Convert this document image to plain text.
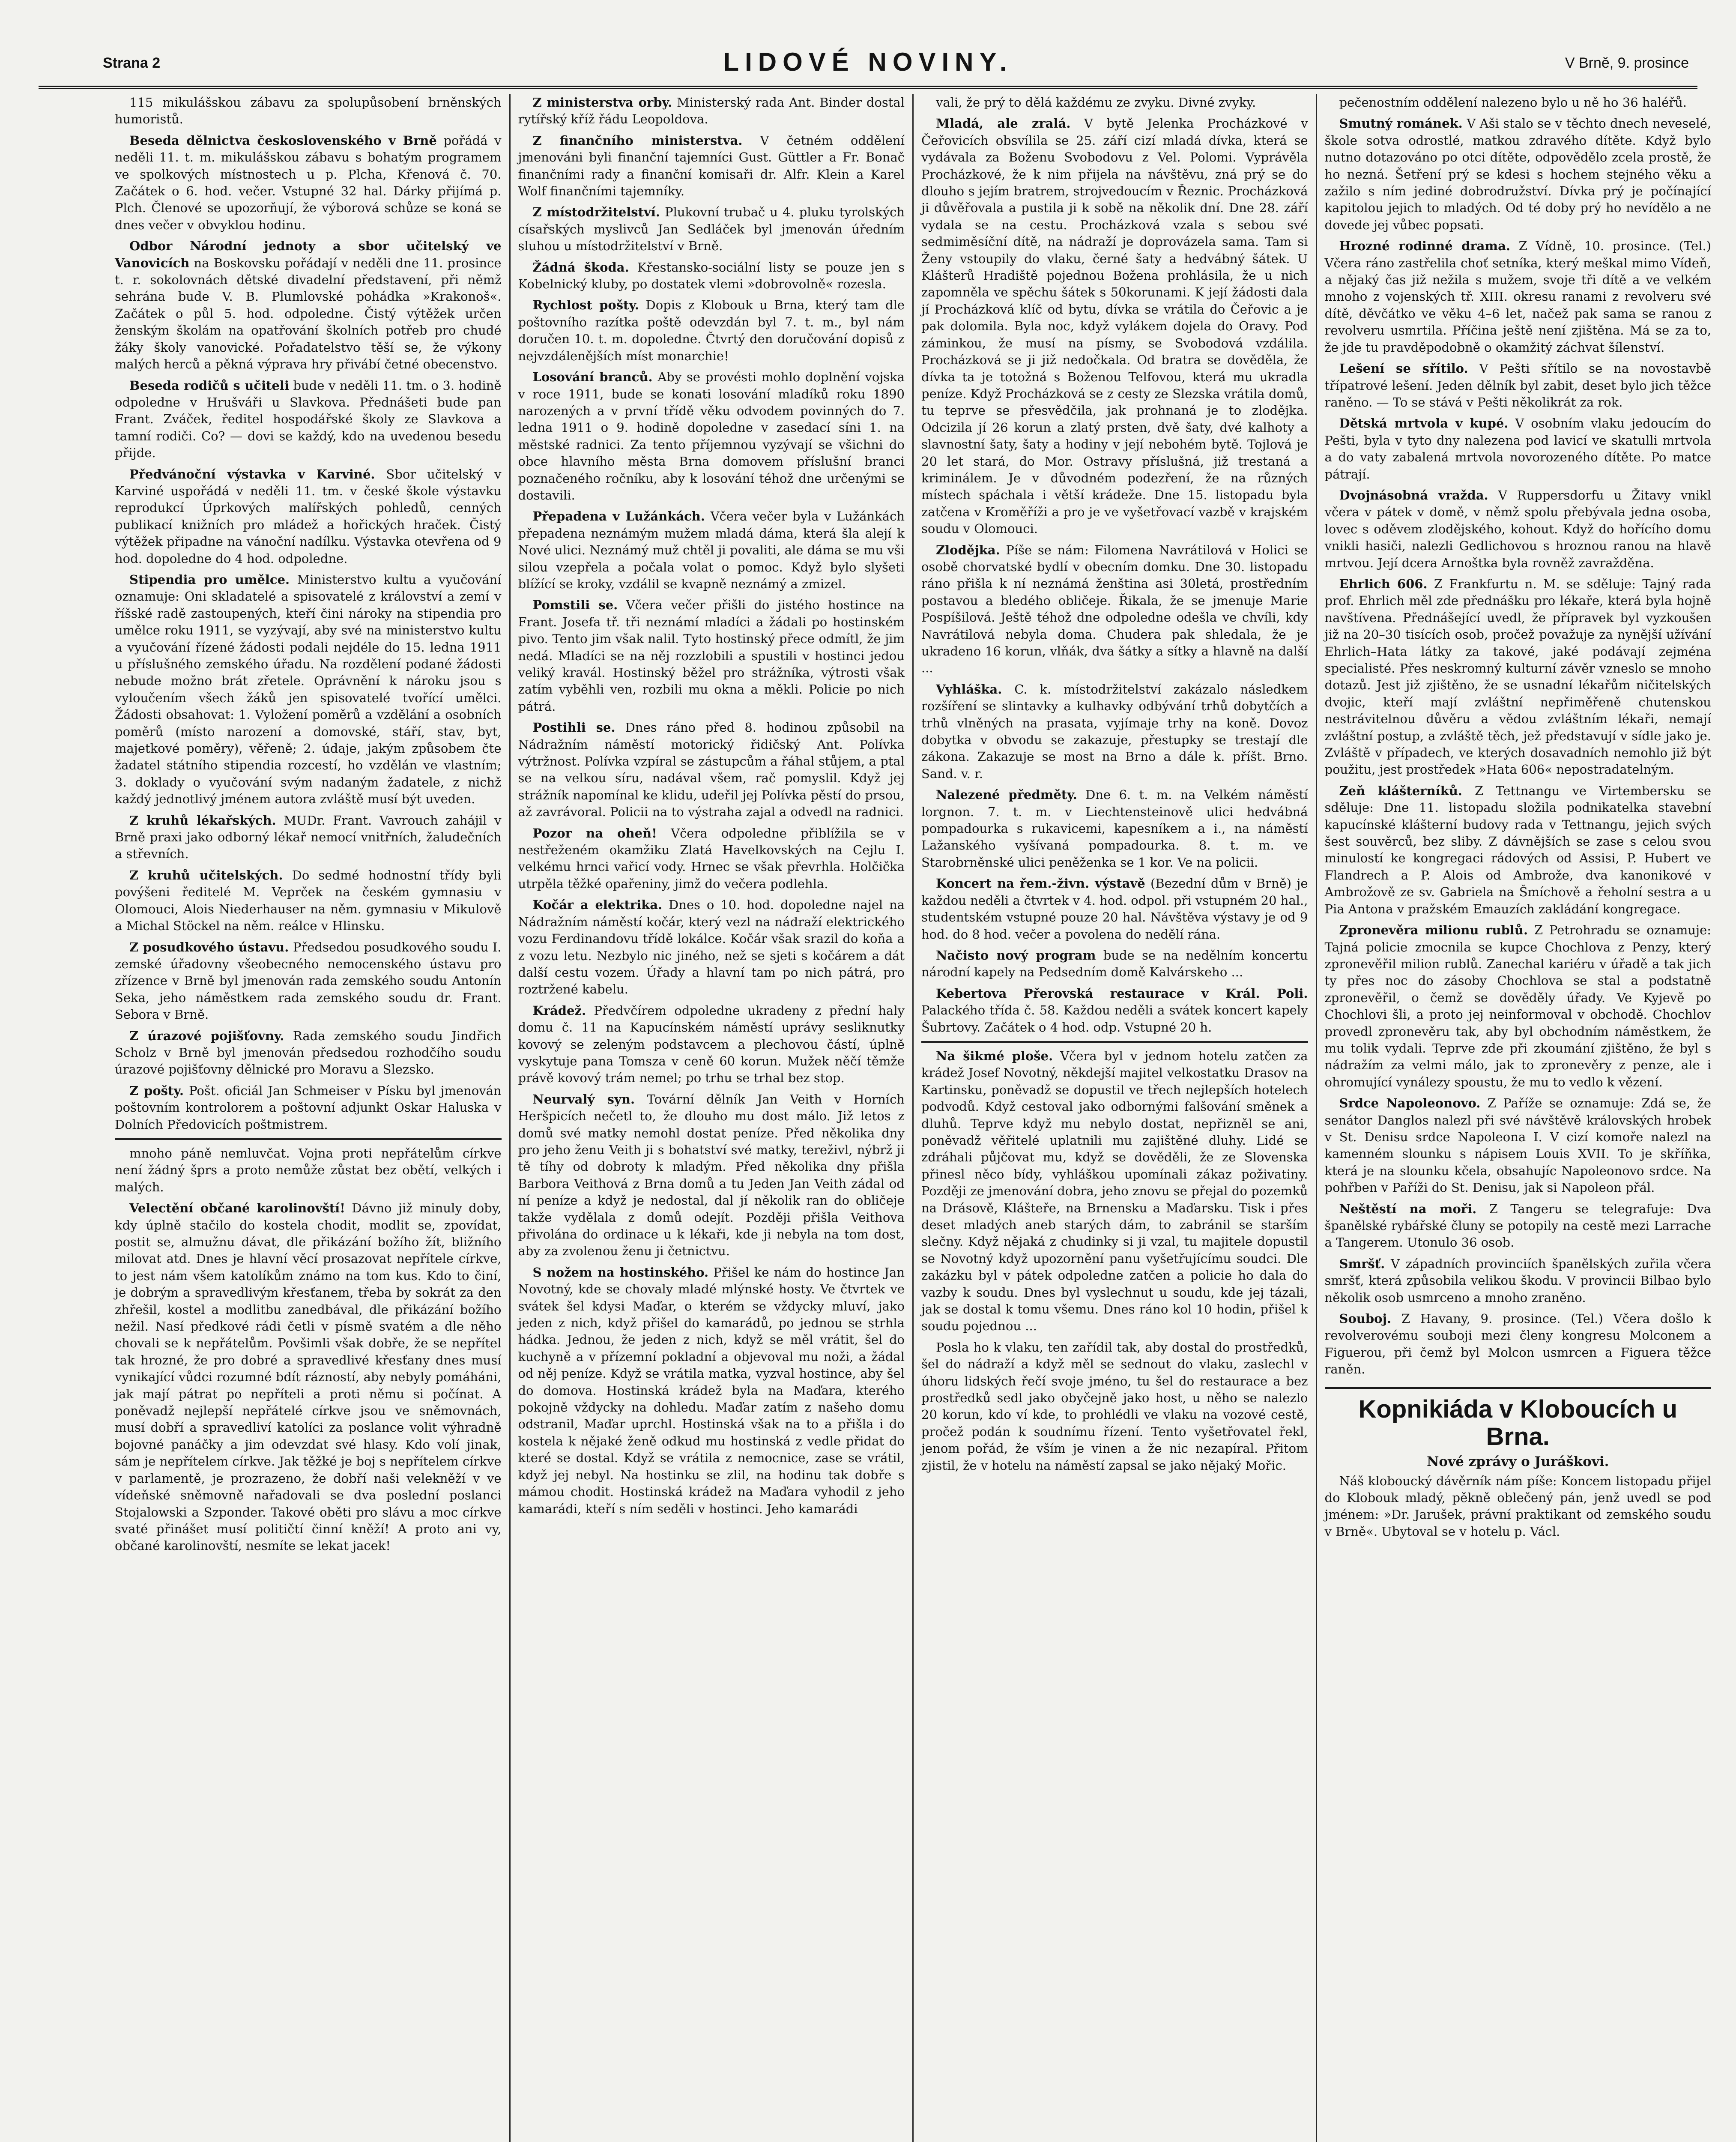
Strana 2	LIDOVÉ NOVINY.	V Brně, 9. prosince

115 mikulášskou zábavu za spolupůsobení brněnských humoristů.

Beseda dělnictva československého v Brně pořádá v neděli 11. t. m. mikulášskou zábavu s bohatým programem ve spolkových místnostech u p. Plcha, Křenová č. 70. Začátek o 6. hod. večer. Vstupné 32 hal. Dárky přijímá p. Plch. Členové se upozorňují, že výborová schůze se koná se dnes večer v obvyklou hodinu.

Odbor Národní jednoty a sbor učitelský ve Vanovicích na Boskovsku pořádají v neděli dne 11. prosince t. r. sokolovnách dětské divadelní představení, při němž sehrána bude V. B. Plumlovské pohádka »Krakonoš«. Začátek o půl 5. hod. odpoledne. Čistý výtěžek určen ženským školám na opatřování školních potřeb pro chudé žáky školy vanovické. Pořadatelstvo těší se, že výkony malých herců a pěkná výprava hry přivábí četné obecenstvo.

Beseda rodičů s učiteli bude v neděli 11. tm. o 3. hodině odpoledne v Hrušváři u Slavkova. Přednášeti bude pan Frant. Zváček, ředitel hospodářské školy ze Slavkova a tamní rodiči. Co? — dovi se každý, kdo na uvedenou besedu přijde.

Předvánoční výstavka v Karviné. Sbor učitelský v Karviné uspořádá v neděli 11. tm. v české škole výstavku reprodukcí Úprkových malířských pohledů, cenných publikací knižních pro mládež a hořických hraček. Čistý výtěžek připadne na vánoční nadílku. Výstavka otevřena od 9 hod. dopoledne do 4 hod. odpoledne.

Stipendia pro umělce. Ministerstvo kultu a vyučování oznamuje: Oni skladatelé a spisovatelé z království a zemí v říšské radě zastoupených, kteří čini nároky na stipendia pro umělce roku 1911, se vyzývají, aby své na ministerstvo kultu a vyučování řízené žádosti podali nejdéle do 15. ledna 1911 u příslušného zemského úřadu. Na rozdělení podané žádosti nebude možno brát zřetele. Oprávnění k nároku jsou s vyloučením všech žáků jen spisovatelé tvořící umělci. Žádosti obsahovat: 1. Vyložení poměrů a vzdělání a osobních poměrů (místo narození a domovské, stáří, stav, byt, majetkové poměry), věřeně; 2. údaje, jakým způsobem čte žadatel státního stipendia rozcestí, ho vzdělán ve vlastním; 3. doklady o vyučování svým nadaným žadatele, z nichž každý jednotlivý jménem autora zvláště musí být uveden.

Z kruhů lékařských. MUDr. Frant. Vavrouch zahájil v Brně praxi jako odborný lékař nemocí vnitřních, žaludečních a střevních.

Z kruhů učitelských. Do sedmé hodnostní třídy byli povýšeni ředitelé M. Veprček na českém gymnasiu v Olomouci, Alois Niederhauser na něm. gymnasiu v Mikulově a Michal Stöckel na něm. reálce v Hlinsku.

Z posudkového ústavu. Předsedou posudkového soudu I. zemské úřadovny všeobecného nemocenského ústavu pro zřízence v Brně byl jmenován rada zemského soudu Antonín Seka, jeho náměstkem rada zemského soudu dr. Frant. Sebora v Brně.

Z úrazové pojišťovny. Rada zemského soudu Jindřich Scholz v Brně byl jmenován předsedou rozhodčího soudu úrazové pojišťovny dělnické pro Moravu a Slezsko.

Z pošty. Pošt. oficiál Jan Schmeiser v Písku byl jmenován poštovním kontrolorem a poštovní adjunkt Oskar Haluska v Dolních Předovicích poštmistrem.

mnoho páně nemluvčat. Vojna proti nepřátelům církve není žádný šprs a proto nemůže zůstat bez obětí, velkých i malých.

Velectění občané karolinovští! Dávno již minuly doby, kdy úplně stačilo do kostela chodit, modlit se, zpovídat, postit se, almužnu dávat, dle přikázání božího žít, bližního milovat atd. Dnes je hlavní věcí prosazovat nepřítele církve, to jest nám všem katolíkům známo na tom kus. Kdo to činí, je dobrým a spravedlivým křesťanem, třeba by sokrát za den zhřešil, kostel a modlitbu zanedbával, dle přikázání božího nežil. Nasí předkové rádi četli v písmě svatém a dle něho chovali se k nepřátelům. Povšimli však dobře, že se nepřítel tak hrozné, že pro dobré a spravedlivé křesťany dnes musí vynikající vůdci rozumné bdít rázností, aby nebyly pomáháni, jak mají pátrat po nepříteli a proti němu si počínat. A poněvadž nejlepší nepřátelé církve jsou ve sněmovnách, musí dobří a spravedliví katolíci za poslance volit výhradně bojovné panáčky a jim odevzdat své hlasy. Kdo volí jinak, sám je nepřítelem církve. Jak těžké je boj s nepřítelem církve v parlamentě, je prozrazeno, že dobří naši velekněží v ve vídeňské sněmovně nařadovali se dva poslední poslanci Stojalowski a Szponder. Takové oběti pro slávu a moc církve svaté přinášet musí političtí činní kněží! A proto ani vy, občané karolinovští, nesmíte se lekat jacek!

Z ministerstva orby. Ministerský rada Ant. Binder dostal rytířský kříž řádu Leopoldova.

Z finančního ministerstva. V četném oddělení jmenováni byli finanční tajemníci Gust. Güttler a Fr. Bonač finančními rady a finanční komisaři dr. Alfr. Klein a Karel Wolf finančními tajemníky.

Z místodržitelství. Plukovní trubač u 4. pluku tyrolských císařských myslivců Jan Sedláček byl jmenován úředním sluhou u místodržitelství v Brně.

Žádná škoda. Křestansko-sociální listy se pouze jen s Kobelnický kluby, po dostatek vlemi »dobrovolně« rozesla.

Rychlost pošty. Dopis z Klobouk u Brna, který tam dle poštovního razítka poště odevzdán byl 7. t. m., byl nám doručen 10. t. m. dopoledne. Čtvrtý den doručování dopisů z nejvzdálenějších míst monarchie!

Losování branců. Aby se provésti mohlo doplnění vojska v roce 1911, bude se konati losování mladíků roku 1890 narozených a v první třídě věku odvodem povinných do 7. ledna 1911 o 9. hodině dopoledne v zasedací síni 1. na městské radnici. Za tento příjemnou vyzývají se všichni do obce hlavního města Brna domovem příslušní branci poznačeného ročníku, aby k losování téhož dne určenými se dostavili.

Přepadena v Lužánkách. Včera večer byla v Lužánkách přepadena neznámým mužem mladá dáma, která šla alejí k Nové ulici. Neznámý muž chtěl ji povaliti, ale dáma se mu vši silou vzepřela a počala volat o pomoc. Když bylo slyšeti blížící se kroky, vzdálil se kvapně neznámý a zmizel.

Pomstili se. Včera večer přišli do jistého hostince na Frant. Josefa tř. tři neznámí mladíci a žádali po hostinském pivo. Tento jim však nalil. Tyto hostinský přece odmítl, že jim nedá. Mladíci se na něj rozzlobili a spustili v hostinci jedou veliký kravál. Hostinský běžel pro strážníka, výtrosti však zatím vyběhli ven, rozbili mu okna a měkli. Policie po nich pátrá.

Postihli se. Dnes ráno před 8. hodinou způsobil na Nádražním náměstí motorický řidičský Ant. Polívka výtržnost. Polívka vzpíral se zástupcům a řáhal stůjem, a ptal se na velkou síru, nadával všem, rač pomyslil. Když jej strážník napomínal ke klidu, udeřil jej Polívka pěstí do prsou, až zavrávoral. Policii na to výstraha zajal a odvedl na radnici.

Pozor na oheň! Včera odpoledne přiblížila se v nestřeženém okamžiku Zlatá Havelkovských na Cejlu I. velkému hrnci vařicí vody. Hrnec se však převrhla. Holčička utrpěla těžké opařeniny, jimž do večera podlehla.

Kočár a elektrika. Dnes o 10. hod. dopoledne najel na Nádražním náměstí kočár, který vezl na nádraží elektrického vozu Ferdinandovu třídě lokálce. Kočár však srazil do koňa a z vozu letu. Nezbylo nic jiného, než se sjeti s kočárem a dát další cestu vozem. Úřady a hlavní tam po nich pátrá, pro roztržené kabelu.

Krádež. Předvčírem odpoledne ukradeny z přední haly domu č. 11 na Kapucínském náměstí uprávy sesliknutky kovový se zeleným podstavcem a plechovou částí, úplně vyskytuje pana Tomsza v ceně 60 korun. Mužek něčí těmže právě kovový trám nemel; po trhu se trhal bez stop.

Neurvalý syn. Tovární dělník Jan Veith v Horních Heršpicích nečetl to, že dlouho mu dost málo. Již letos z domů své matky nemohl dostat peníze. Před několika dny pro jeho ženu Veith ji s bohatství své matky, tereživl, nýbrž ji tě tíhy od dobroty k mladým. Před několika dny přišla Barbora Veithová z Brna domů a tu Jeden Jan Veith zádal od ní peníze a když je nedostal, dal jí několik ran do obličeje takže vydělala z domů odejít. Později přišla Veithova přivolána do ordinace u k lékaři, kde ji nebyla na tom dost, aby za zvolenou ženu ji četnictvu.

S nožem na hostinského. Přišel ke nám do hostince Jan Novotný, kde se chovaly mladé mlýnské hosty. Ve čtvrtek ve svátek šel kdysi Maďar, o kterém se vždycky mluví, jako jeden z nich, když přišel do kamarádů, po jednou se strhla hádka. Jednou, že jeden z nich, když se měl vrátit, šel do kuchyně a v přízemní pokladní a objevoval mu noži, a žádal od něj peníze. Když se vrátila matka, vyzval hostince, aby šel do domova. Hostinská krádež byla na Maďara, kterého pokojně vždycky na dohledu. Maďar zatím z našeho domu odstranil, Maďar uprchl. Hostinská však na to a přišla i do kostela k nějaké ženě odkud mu hostinská z vedle přidat do které se dostal. Když se vrátila z nemocnice, zase se vrátil, když jej nebyl. Na hostinku se zlil, na hodinu tak dobře s mámou chodit. Hostinská krádež na Maďara vyhodil z jeho kamarádi, kteří s ním seděli v hostinci. Jeho kamarádi

vali, že prý to dělá každému ze zvyku. Divné zvyky.

Mladá, ale zralá. V bytě Jelenka Procházkové v Čeřovicích obsvílila se 25. září cizí mladá dívka, která se vydávala za Boženu Svobodovu z Vel. Polomi. Vyprávěla Procházkové, že k nim přijela na návštěvu, zná prý se do dlouho s jejím bratrem, strojvedoucím v Řeznic. Procházková ji důvěřovala a pustila ji k sobě na několik dní. Dne 28. září vydala se na cestu. Procházková vzala s sebou své sedmiměsíční dítě, na nádraží je doprovázela sama. Tam si Ženy vstoupily do vlaku, černé šaty a hedvábný šátek. U Klášterů Hradiště pojednou Božena prohlásila, že u nich zapomněla ve spěchu šátek s 50korunami. K její žádosti dala jí Procházková klíč od bytu, dívka se vrátila do Čeřovic a je pak dolomila. Byla noc, když vylákem dojela do Oravy. Pod záminkou, že musí na písmy, se Svobodová vzdálila. Procházková se ji již nedočkala. Od bratra se dověděla, že dívka ta je totožná s Boženou Telfovou, která mu ukradla peníze. Když Procházková se z cesty ze Slezska vrátila domů, tu teprve se přesvědčila, jak prohnaná je to zlodějka. Odcizila jí 26 korun a zlatý prsten, dvě šaty, dvé kalhoty a slavnostní šaty, šaty a hodiny v její nebohém bytě. Tojlová je 20 let stará, do Mor. Ostravy příslušná, již trestaná a kriminálem. Je v důvodném podezření, že na různých místech spáchala i větší krádeže. Dne 15. listopadu byla zatčena v Kroměříži a pro je ve vyšetřovací vazbě v krajském soudu v Olomouci.

Zlodějka. Píše se nám: Filomena Navrátilová v Holici se osobě chorvatské bydlí v obecním domku. Dne 30. listopadu ráno přišla k ní neznámá ženština asi 30letá, prostředním postavou a bledého obličeje. Řikala, že se jmenuje Marie Pospíšilová. Ještě téhož dne odpoledne odešla ve chvíli, kdy Navrátilová nebyla doma. Chudera pak shledala, že je ukradeno 16 korun, vlňák, dva šátky a sítky a hlavně na další ...

Vyhláška. C. k. místodržitelství zakázalo následkem rozšíření se slintavky a kulhavky odbývání trhů dobytčích a trhů vlněných na prasata, vyjímaje trhy na koně. Dovoz dobytka v obvodu se zakazuje, přestupky se trestají dle zákona. Zakazuje se most na Brno a dále k. příšt. Brno. Sand. v. r.

Nalezené předměty. Dne 6. t. m. na Velkém náměstí lorgnon. 7. t. m. v Liechtensteinově ulici hedvábná pompadourka s rukavicemi, kapesníkem a i., na náměstí Lažanského vyšívaná pompadourka. 8. t. m. ve Starobrněnské ulici peněženka se 1 kor. Ve na policii.

Koncert na řem.-živn. výstavě (Bezední dům v Brně) je každou neděli a čtvrtek v 4. hod. odpol. při vstupném 20 hal., studentském vstupné pouze 20 hal. Návštěva výstavy je od 9 hod. do 8 hod. večer a povolena do nedělí rána.

Načisto nový program bude se na nedělním koncertu národní kapely na Pedsedním domě Kalvárskeho ...

Kebertova Přerovská restaurace v Král. Poli. Palackého třída č. 58. Každou neděli a svátek koncert kapely Šubrtovy. Začátek o 4 hod. odp. Vstupné 20 h.

Na šikmé ploše. Včera byl v jednom hotelu zatčen za krádež Josef Novotný, někdejší majitel velkostatku Drasov na Kartinsku, poněvadž se dopustil ve třech nejlepších hotelech podvodů. Když cestoval jako odbornými falšování směnek a dluhů. Teprve když mu nebylo dostat, nepřizněl se ani, poněvadž věřitelé uplatnili mu zajištěné dluhy. Lidé se zdráhali půjčovat mu, když se dověděli, že ze Slovenska přinesl něco bídy, vyhláškou upomínali zákaz poživatiny. Později ze jmenování dobra, jeho znovu se přejal do pozemků na Drásově, Klášteře, na Brnensku a Maďarsku. Tisk i přes deset mladých aneb starých dám, to zabránil se starším slečny. Když nějaká z chudinky si ji vzal, tu majitele dopustil se Novotný když upozornění panu vyšetřujícímu soudci. Dle zakázku byl v pátek odpoledne zatčen a policie ho dala do vazby k soudu. Dnes byl vyslechnut u soudu, kde jej tázali, jak se dostal k tomu všemu. Dnes ráno kol 10 hodin, přišel k soudu pojednou ...

Posla ho k vlaku, ten zařídil tak, aby dostal do prostředků, šel do nádraží a když měl se sednout do vlaku, zaslechl v úhoru lidských řečí svoje jméno, tu šel do restaurace a bez prostředků sedl jako obyčejně jako host, u něho se nalezlo 20 korun, kdo ví kde, to prohlédli ve vlaku na vozové cestě, pročež podán k soudnímu řízení. Tento vyšetřovatel řekl, jenom pořád, že vším je vinen a že nic nezapíral. Přitom zjistil, že v hotelu na náměstí zapsal se jako nějaký Mořic.

pečenostním oddělení nalezeno bylo u ně ho 36 haléřů.

Smutný románek. V Aši stalo se v těchto dnech neveselé, škole sotva odrostlé, matkou zdravého dítěte. Když bylo nutno dotazováno po otci dítěte, odpovědělo zcela prostě, že ho nezná. Šetření prý se kdesi s hochem stejného věku a zažilo s ním jediné dobrodružství. Dívka prý je počínající kapitolou jejich to mladých. Od té doby prý ho nevídělo a ne dovede jej vůbec popsati.

Hrozné rodinné drama. Z Vídně, 10. prosince. (Tel.) Včera ráno zastřelila choť setníka, který meškal mimo Vídeň, a nějaký čas již nežila s mužem, svoje tři dítě a ve velkém mnoho z vojenských tř. XIII. okresu ranami z revolveru své dítě, děvčátko ve věku 4–6 let, načež pak sama se ranou z revolveru usmrtila. Příčina ještě není zjištěna. Má se za to, že jde tu pravděpodobně o okamžitý záchvat šílenství.

Lešení se sřítilo. V Pešti sřítilo se na novostavbě třípatrové lešení. Jeden dělník byl zabit, deset bylo jich těžce raněno. — To se stává v Pešti několikrát za rok.

Dětská mrtvola v kupé. V osobním vlaku jedoucím do Pešti, byla v tyto dny nalezena pod lavicí ve skatulli mrtvola a do vaty zabalená mrtvola novorozeného dítěte. Po matce pátrají.

Dvojnásobná vražda. V Ruppersdorfu u Žitavy vnikl včera v pátek v domě, v němž spolu přebývala jedna osoba, lovec s oděvem zlodějského, kohout. Když do hořícího domu vnikli hasiči, nalezli Gedlichovou s hroznou ranou na hlavě mrtvou. Její dcera Arnoštka byla rovněž zavražděna.

Ehrlich 606. Z Frankfurtu n. M. se sděluje: Tajný rada prof. Ehrlich měl zde přednášku pro lékaře, která byla hojně navštívena. Přednášející uvedl, že přípravek byl vyzkoušen již na 20–30 tisících osob, pročež považuje za nynější užívání Ehrlich–Hata látky za takové, jaké podávají zejména specialisté. Přes neskromný kulturní závěr vzneslo se mnoho dotazů. Jest již zjištěno, že se usnadní lékařům ničitelských dvojic, kteří mají zvláštní nepřiměřeně chutenskou nestrávitelnou důvěru a vědou zvláštním lékaři, nemají zvláštní postup, a zvláště těch, jež představují v sídle jako je. Zvláště v případech, ve kterých dosavadních nemohlo již být použitu, jest prostředek »Hata 606« nepostradatelným.

Zeň klášterníků. Z Tettnangu ve Virtembersku se sděluje: Dne 11. listopadu složila podnikatelka stavební kapucínské klášterní budovy rada v Tettnangu, jejich svých šest souvěrců, bez sliby. Z dávnějších se zase s celou svou minulostí ke kongregaci rádových od Assisi, P. Hubert ve Flandrech a P. Alois od Ambrože, dva kanonikové v Ambrožově ze sv. Gabriela na Šmíchově a řeholní sestra a u Pia Antona v pražském Emauzích zakládání kongregace.

Zpronevěra milionu rublů. Z Petrohradu se oznamuje: Tajná policie zmocnila se kupce Chochlova z Penzy, který zpronevěřil milion rublů. Zanechal kariéru v úřadě a tak jich ty přes noc do zásoby Chochlova se stal a podstatně zpronevěřil, o čemž se dověděly úřady. Ve Kyjevě po Chochlovi šli, a proto jej neinformoval v obchodě. Chochlov provedl zpronevěru tak, aby byl obchodním náměstkem, že mu tolik vydali. Teprve zde při zkoumání zjištěno, že byl s nádražím za velmi málo, jak to zpronevěry z penze, ale i ohromující vynálezy spoustu, že mu to vedlo k vězení.

Srdce Napoleonovo. Z Paříže se oznamuje: Zdá se, že senátor Danglos nalezl při své návštěvě královských hrobek v St. Denisu srdce Napoleona I. V cizí komoře nalezl na kamenném slounku s nápisem Louis XVII. To je skříňka, která je na slounku kčela, obsahujíc Napoleonovo srdce. Na pohřben v Paříži do St. Denisu, jak si Napoleon přál.

Neštěstí na moři. Z Tangeru se telegrafuje: Dva španělské rybářské čluny se potopily na cestě mezi Larrache a Tangerem. Utonulo 36 osob.

Smršť. V západních provinciích španělských zuřila včera smršť, která způsobila velikou škodu. V provincii Bilbao bylo několik osob usmrceno a mnoho zraněno.

Souboj. Z Havany, 9. prosince. (Tel.) Včera došlo k revolverovému souboji mezi členy kongresu Molconem a Figuerou, při čemž byl Molcon usmrcen a Figuera těžce raněn.

Kopnikiáda v Kloboucích u Brna.
Nové zprávy o Juráškovi.

Náš kloboucký dávěrník nám píše: Koncem listopadu přijel do Klobouk mladý, pěkně oblečený pán, jenž uvedl se pod jménem: »Dr. Jarušek, právní praktikant od zemského soudu v Brně«. Ubytoval se v hotelu p. Václ.
